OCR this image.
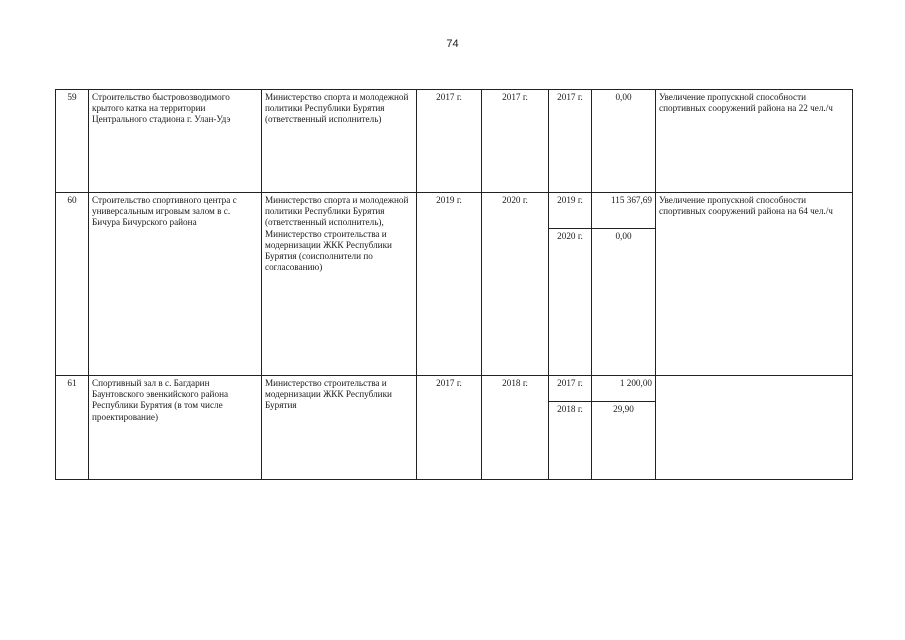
74
59	Строительство быстровозводимого крытого катка на территории Центрального стадиона г. Улан-Удэ	Министерство спорта и молодежной политики Республики Бурятия (ответственный исполнитель)	2017 г.	2017 г.	2017 г.	0,00	Увеличение пропускной способности спортивных сооружений района на 22 чел./ч
60	Строительство спортивного центра с универсальным игровым залом в с. Бичура Бичурского района	Министерство спорта и молодежной политики Республики Бурятия (ответственный исполнитель), Министерство строительства и модернизации ЖКК Республики Бурятия (соисполнители по согласованию)	2019 г.	2020 г.	2019 г.	115 367,69	Увеличение пропускной способности спортивных сооружений района на 64 чел./ч
					2020 г.	0,00	
61	Спортивный зал в с. Багдарин Баунтовского эвенкийского района Республики Бурятия (в том числе проектирование)	Министерство строительства и модернизации ЖКК Республики Бурятия	2017 г.	2018 г.	2017 г.	1 200,00	
					2018 г.	29,90	
